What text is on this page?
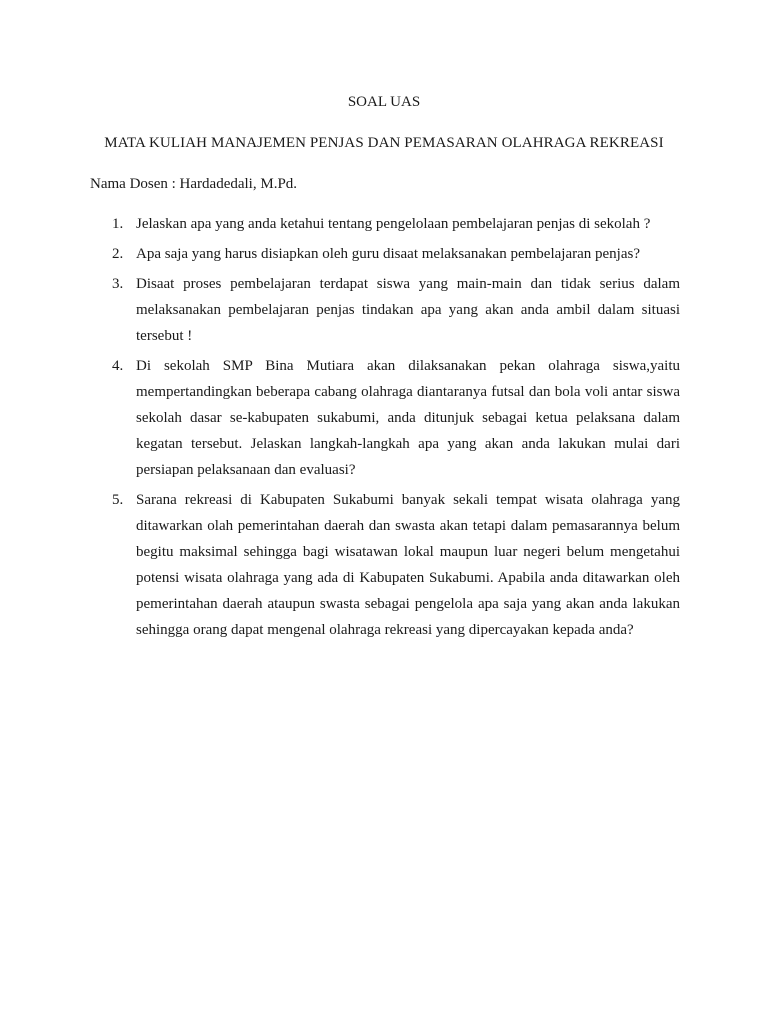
SOAL UAS
MATA KULIAH MANAJEMEN PENJAS DAN PEMASARAN OLAHRAGA REKREASI
Nama Dosen : Hardadedali, M.Pd.
1. Jelaskan apa yang anda ketahui tentang pengelolaan pembelajaran penjas di sekolah ?
2. Apa saja yang harus disiapkan oleh guru disaat melaksanakan pembelajaran penjas?
3. Disaat proses pembelajaran terdapat siswa yang main-main dan tidak serius dalam melaksanakan pembelajaran penjas tindakan apa yang akan anda ambil dalam situasi tersebut !
4. Di sekolah SMP Bina Mutiara akan dilaksanakan pekan olahraga siswa,yaitu mempertandingkan beberapa cabang olahraga diantaranya futsal dan bola voli antar siswa sekolah dasar se-kabupaten sukabumi, anda ditunjuk sebagai ketua pelaksana dalam kegatan tersebut. Jelaskan langkah-langkah apa yang akan anda lakukan mulai dari persiapan pelaksanaan dan evaluasi?
5. Sarana rekreasi di Kabupaten Sukabumi banyak sekali tempat wisata olahraga yang ditawarkan olah pemerintahan daerah dan swasta akan tetapi dalam pemasarannya belum begitu maksimal sehingga bagi wisatawan lokal maupun luar negeri belum mengetahui potensi wisata olahraga yang ada di Kabupaten Sukabumi. Apabila anda ditawarkan oleh pemerintahan daerah ataupun swasta sebagai pengelola apa saja yang akan anda lakukan sehingga orang dapat mengenal olahraga rekreasi yang dipercayakan kepada anda?
